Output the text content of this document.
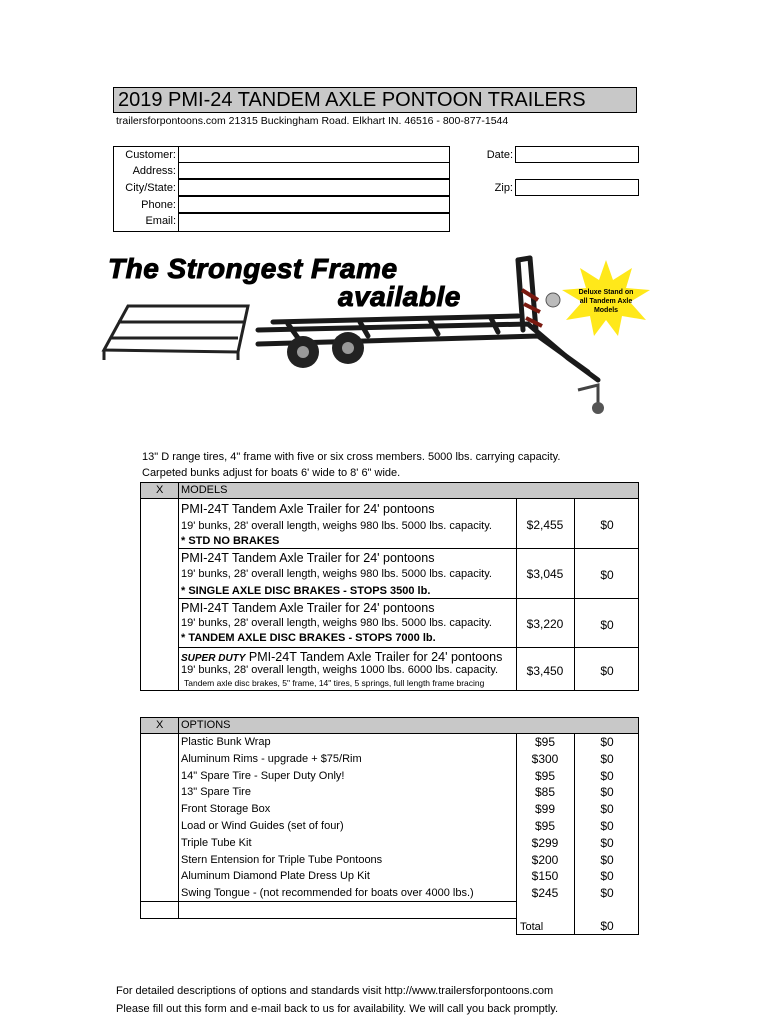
2019 PMI-24 TANDEM AXLE PONTOON TRAILERS
trailersforpontoons.com 21315 Buckingham Road. Elkhart IN. 46516 - 800-877-1544
Customer:
Address:
City/State:
Phone:
Email:
Date:
Zip:
The Strongest Frame
available	Deluxe Stand on all Tandem Axle Models
13" D range tires, 4" frame with five or six cross members. 5000 lbs. carrying capacity.
Carpeted bunks adjust for boats 6' wide to 8' 6" wide.
X MODELS
PMI-24T Tandem Axle Trailer for 24' pontoons
19' bunks, 28' overall length, weighs 980 lbs. 5000 lbs. capacity.
* STD NO BRAKES
$2,455	$0
PMI-24T Tandem Axle Trailer for 24' pontoons
19' bunks, 28' overall length, weighs 980 lbs. 5000 lbs. capacity.
* SINGLE AXLE DISC BRAKES - STOPS 3500 lb.
$3,045	$0
PMI-24T Tandem Axle Trailer for 24' pontoons
19' bunks, 28' overall length, weighs 980 lbs. 5000 lbs. capacity.
* TANDEM AXLE DISC BRAKES - STOPS 7000 lb.
$3,220	$0
SUPER DUTY PMI-24T Tandem Axle Trailer for 24' pontoons
19' bunks, 28' overall length, weighs 1000 lbs. 6000 lbs. capacity.
Tandem axle disc brakes, 5" frame, 14" tires, 5 springs, full length frame bracing
$3,450	$0
X OPTIONS
Plastic Bunk Wrap	$95	$0
Aluminum Rims - upgrade + $75/Rim	$300	$0
14" Spare Tire - Super Duty Only!	$95	$0
13" Spare Tire	$85	$0
Front Storage Box	$99	$0
Load or Wind Guides (set of four)	$95	$0
Triple Tube Kit	$299	$0
Stern Entension for Triple Tube Pontoons	$200	$0
Aluminum Diamond Plate Dress Up Kit	$150	$0
Swing Tongue - (not recommended for boats over 4000 lbs.)	$245	$0
Total	$0
For detailed descriptions of options and standards visit http://www.trailersforpontoons.com
Please fill out this form and e-mail back to us for availability. We will call you back promptly.
